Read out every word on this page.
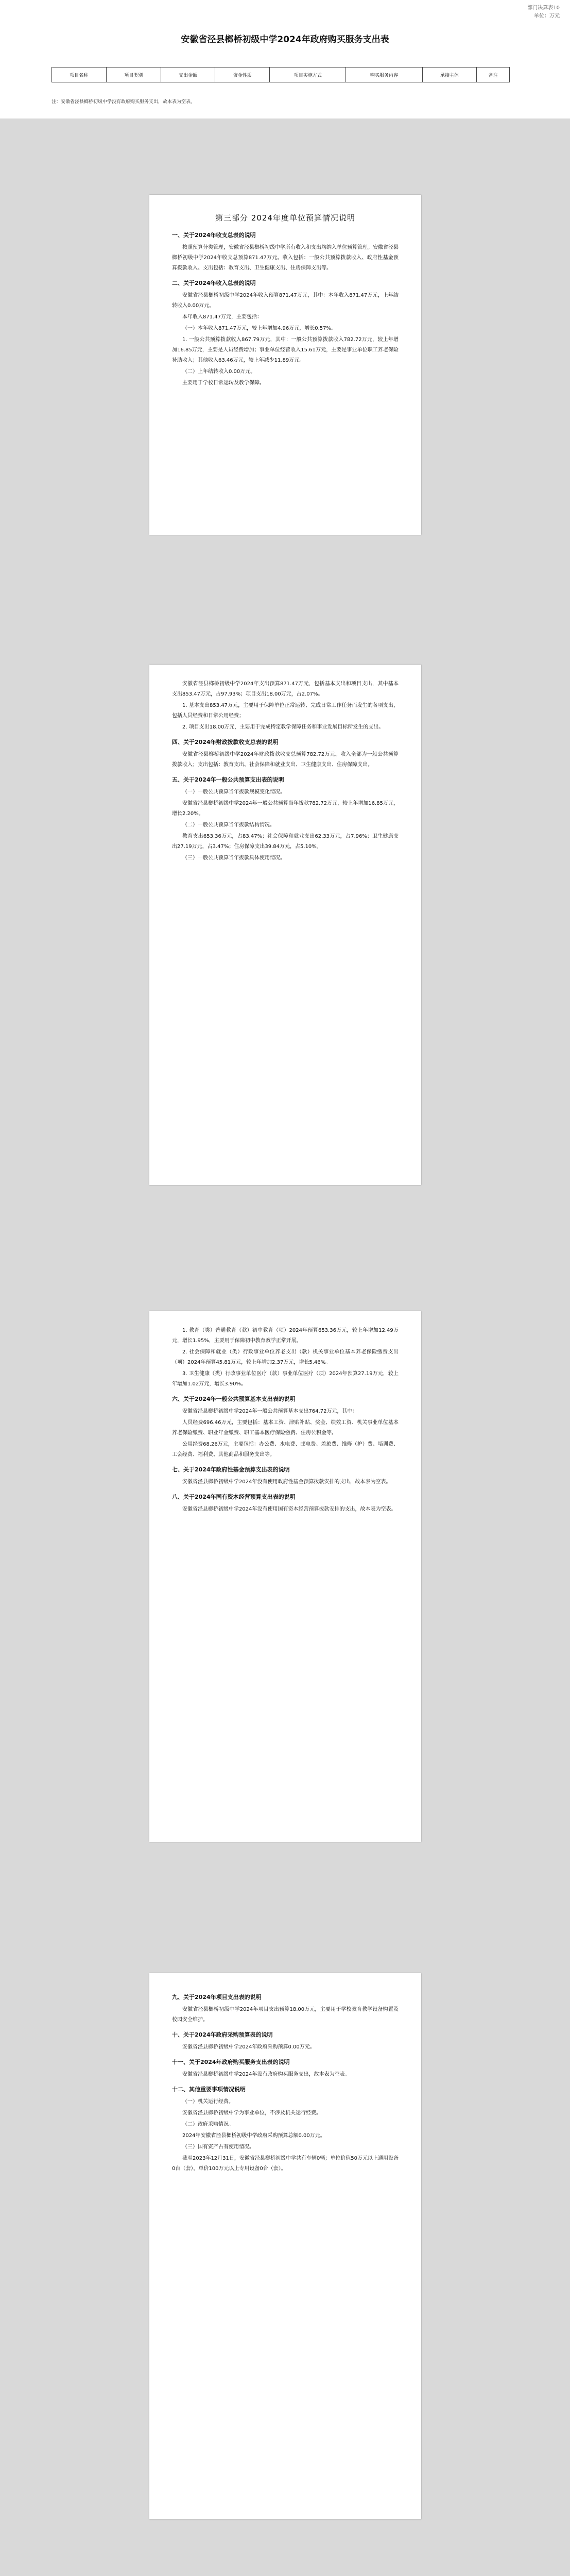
部门决算表10
单位：万元
安徽省泾县榔桥初级中学2024年政府购买服务支出表
项目名称	项目类别	支出金额	资金性质	项目实施方式	购买服务内容	承接主体	备注
注：安徽省泾县榔桥初级中学没有政府购买服务支出，故本表为空表。
第三部分 2024年度单位预算情况说明
一、关于2024年收支总表的说明
按照预算分类管理，安徽省泾县榔桥初级中学所有收入和支出均纳入单位预算管理。安徽省泾县榔桥初级中学2024年收支总预算871.47万元。收入包括：一般公共预算拨款收入、政府性基金预算拨款收入。支出包括：教育支出、卫生健康支出、住房保障支出等。
二、关于2024年收入总表的说明
安徽省泾县榔桥初级中学2024年收入预算871.47万元，其中：本年收入871.47万元，上年结转收入0.00万元。
本年收入871.47万元，主要包括：
（一）本年收入871.47万元，较上年增加4.96万元，增长0.57%。
1. 一般公共预算拨款收入867.79万元，其中：一般公共预算拨款收入782.72万元，较上年增加16.85万元，主要是人员经费增加；事业单位经营收入15.61万元，主要是事业单位职工养老保险补助收入；其他收入63.46万元，较上年减少11.89万元。
（二）上年结转收入0.00万元。
主要用于学校日常运转及教学保障。
安徽省泾县榔桥初级中学2024年支出预算871.47万元，包括基本支出和项目支出，其中基本支出853.47万元，占97.93%；项目支出18.00万元，占2.07%。
1. 基本支出853.47万元，主要用于保障单位正常运转、完成日常工作任务而发生的各项支出，包括人员经费和日常公用经费；
2. 项目支出18.00万元，主要用于完成特定教学保障任务和事业发展目标所发生的支出。
四、关于2024年财政拨款收支总表的说明
安徽省泾县榔桥初级中学2024年财政拨款收支总预算782.72万元。收入全部为一般公共预算拨款收入；支出包括：教育支出、社会保障和就业支出、卫生健康支出、住房保障支出。
五、关于2024年一般公共预算支出表的说明
（一）一般公共预算当年拨款规模变化情况。
安徽省泾县榔桥初级中学2024年一般公共预算当年拨款782.72万元，较上年增加16.85万元，增长2.20%。
（二）一般公共预算当年拨款结构情况。
教育支出653.36万元，占83.47%；社会保障和就业支出62.33万元，占7.96%；卫生健康支出27.19万元，占3.47%；住房保障支出39.84万元，占5.10%。
（三）一般公共预算当年拨款具体使用情况。
1. 教育（类）普通教育（款）初中教育（项）2024年预算653.36万元，较上年增加12.49万元，增长1.95%，主要用于保障初中教育教学正常开展。
2. 社会保障和就业（类）行政事业单位养老支出（款）机关事业单位基本养老保险缴费支出（项）2024年预算45.81万元，较上年增加2.37万元，增长5.46%。
3. 卫生健康（类）行政事业单位医疗（款）事业单位医疗（项）2024年预算27.19万元，较上年增加1.02万元，增长3.90%。
六、关于2024年一般公共预算基本支出表的说明
安徽省泾县榔桥初级中学2024年一般公共预算基本支出764.72万元，其中：
人员经费696.46万元，主要包括：基本工资、津贴补贴、奖金、绩效工资、机关事业单位基本养老保险缴费、职业年金缴费、职工基本医疗保险缴费、住房公积金等。
公用经费68.26万元，主要包括：办公费、水电费、邮电费、差旅费、维修（护）费、培训费、工会经费、福利费、其他商品和服务支出等。
七、关于2024年政府性基金预算支出表的说明
安徽省泾县榔桥初级中学2024年没有使用政府性基金预算拨款安排的支出，故本表为空表。
八、关于2024年国有资本经营预算支出表的说明
安徽省泾县榔桥初级中学2024年没有使用国有资本经营预算拨款安排的支出，故本表为空表。
九、关于2024年项目支出表的说明
安徽省泾县榔桥初级中学2024年项目支出预算18.00万元，主要用于学校教育教学设备购置及校园安全维护。
十、关于2024年政府采购预算表的说明
安徽省泾县榔桥初级中学2024年政府采购预算0.00万元。
十一、关于2024年政府购买服务支出表的说明
安徽省泾县榔桥初级中学2024年没有政府购买服务支出，故本表为空表。
十二、其他重要事项情况说明
（一）机关运行经费。
安徽省泾县榔桥初级中学为事业单位，不涉及机关运行经费。
（二）政府采购情况。
2024年安徽省泾县榔桥初级中学政府采购预算总额0.00万元。
（三）国有资产占有使用情况。
截至2023年12月31日，安徽省泾县榔桥初级中学共有车辆0辆；单位价值50万元以上通用设备0台（套），单价100万元以上专用设备0台（套）。
